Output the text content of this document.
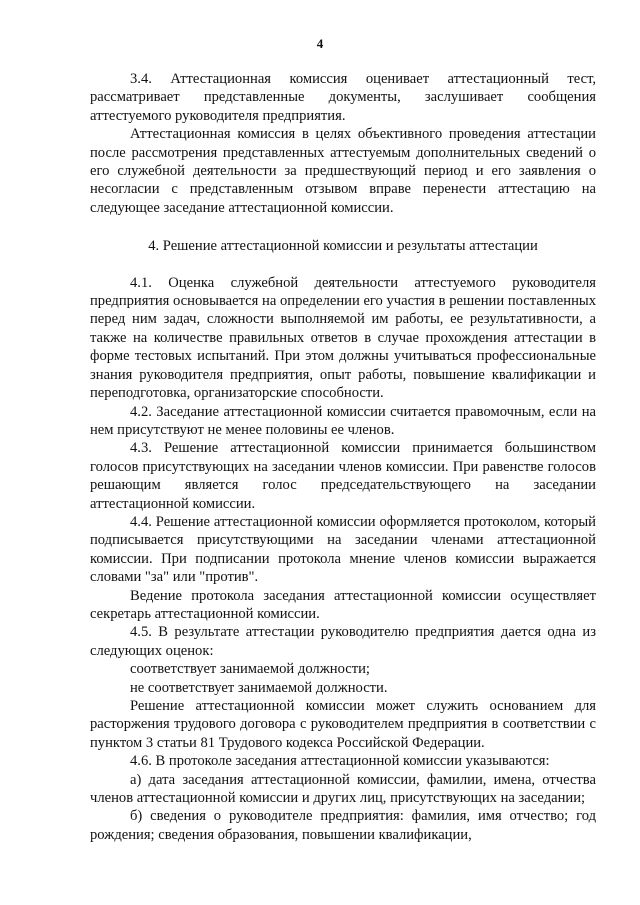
4

3.4. Аттестационная комиссия оценивает аттестационный тест, рассматривает представленные документы, заслушивает сообщения аттестуемого руководителя предприятия.

Аттестационная комиссия в целях объективного проведения аттестации после рассмотрения представленных аттестуемым дополнительных сведений о его служебной деятельности за предшествующий период и его заявления о несогласии с представленным отзывом вправе перенести аттестацию на следующее заседание аттестационной комиссии.

4. Решение аттестационной комиссии и результаты аттестации

4.1. Оценка служебной деятельности аттестуемого руководителя предприятия основывается на определении его участия в решении поставленных перед ним задач, сложности выполняемой им работы, ее результативности, а также на количестве правильных ответов в случае прохождения аттестации в форме тестовых испытаний. При этом должны учитываться профессиональные знания руководителя предприятия, опыт работы, повышение квалификации и переподготовка, организаторские способности.

4.2. Заседание аттестационной комиссии считается правомочным, если на нем присутствуют не менее половины ее членов.

4.3. Решение аттестационной комиссии принимается большинством голосов присутствующих на заседании членов комиссии. При равенстве голосов решающим является голос председательствующего на заседании аттестационной комиссии.

4.4. Решение аттестационной комиссии оформляется протоколом, который подписывается присутствующими на заседании членами аттестационной комиссии. При подписании протокола мнение членов комиссии выражается словами "за" или "против".

Ведение протокола заседания аттестационной комиссии осуществляет секретарь аттестационной комиссии.

4.5. В результате аттестации руководителю предприятия дается одна из следующих оценок:

соответствует занимаемой должности;

не соответствует занимаемой должности.

Решение аттестационной комиссии может служить основанием для расторжения трудового договора с руководителем предприятия в соответствии с пунктом 3 статьи 81 Трудового кодекса Российской Федерации.

4.6. В протоколе заседания аттестационной комиссии указываются:

а) дата заседания аттестационной комиссии, фамилии, имена, отчества членов аттестационной комиссии и других лиц, присутствующих на заседании;

б) сведения о руководителе предприятия: фамилия, имя отчество; год рождения; сведения образования, повышении квалификации,
